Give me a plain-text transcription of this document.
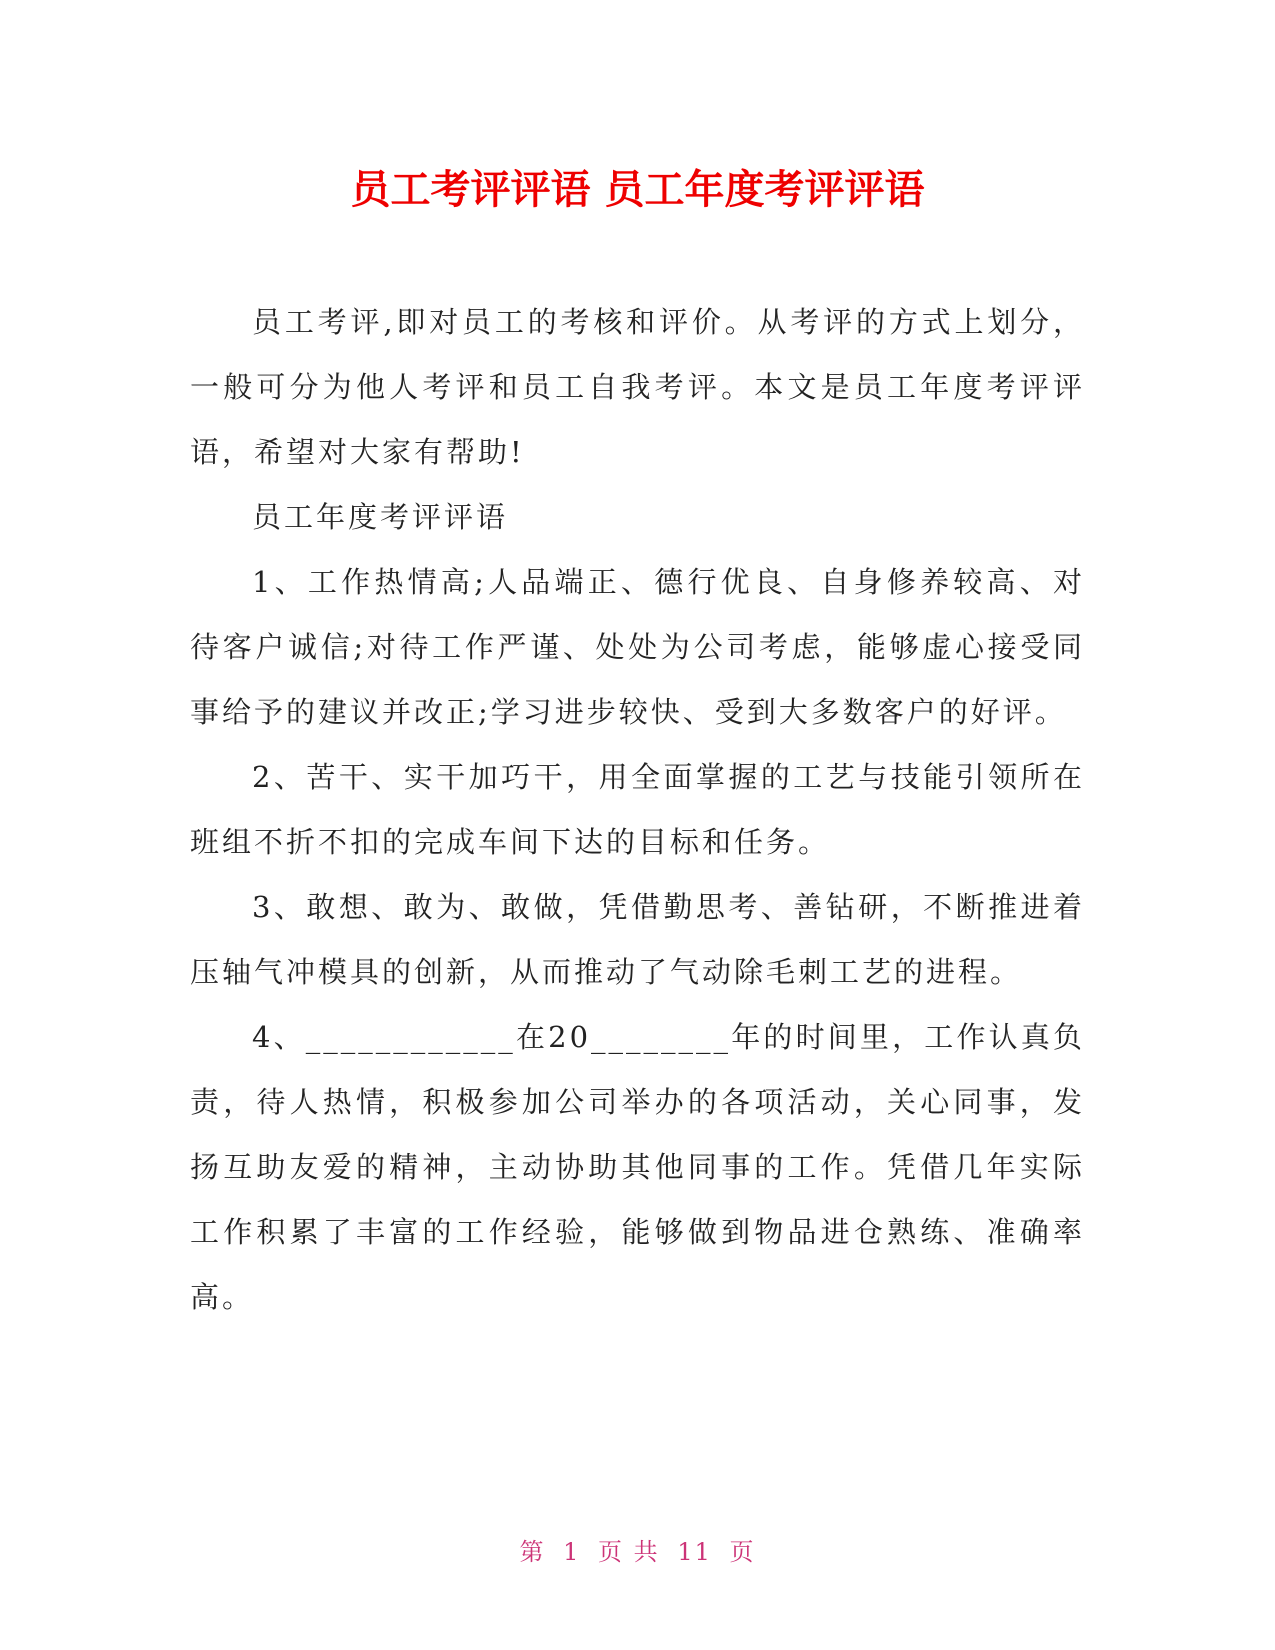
员工考评评语 员工年度考评评语

员工考评,即对员工的考核和评价。从考评的方式上划分，一般可分为他人考评和员工自我考评。本文是员工年度考评评语，希望对大家有帮助!

员工年度考评评语

1、工作热情高;人品端正、德行优良、自身修养较高、对待客户诚信;对待工作严谨、处处为公司考虑，能够虚心接受同事给予的建议并改正;学习进步较快、受到大多数客户的好评。

2、苦干、实干加巧干，用全面掌握的工艺与技能引领所在班组不折不扣的完成车间下达的目标和任务。

3、敢想、敢为、敢做，凭借勤思考、善钻研，不断推进着压轴气冲模具的创新，从而推动了气动除毛刺工艺的进程。

4、____________在20________年的时间里，工作认真负责，待人热情，积极参加公司举办的各项活动，关心同事，发扬互助友爱的精神，主动协助其他同事的工作。凭借几年实际工作积累了丰富的工作经验，能够做到物品进仓熟练、准确率高。

第 1 页 共 11 页
